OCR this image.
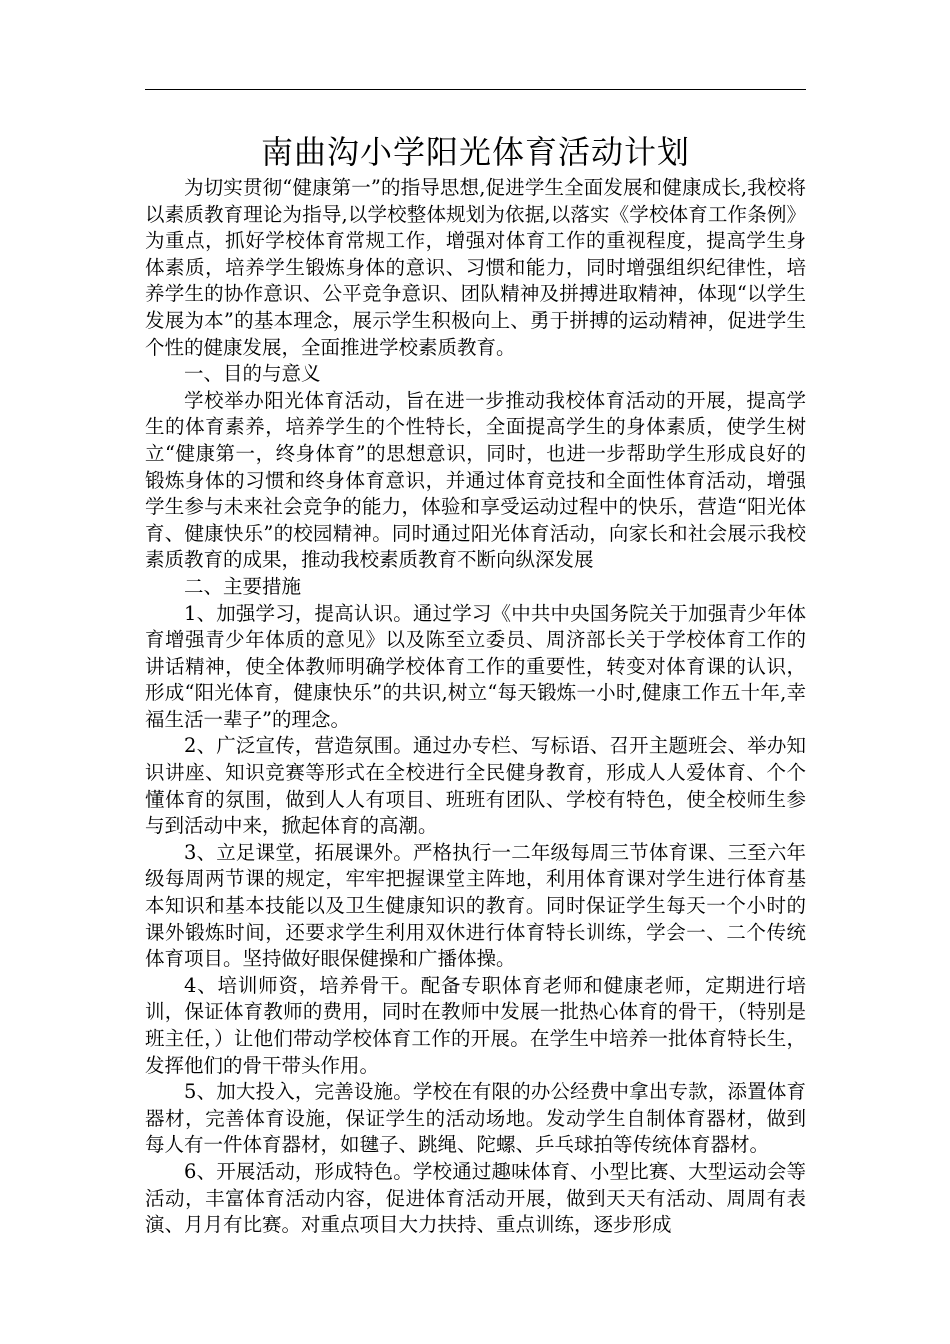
南曲沟小学阳光体育活动计划

为切实贯彻“健康第一”的指导思想,促进学生全面发展和健康成长,我校将以素质教育理论为指导,以学校整体规划为依据,以落实《学校体育工作条例》为重点，抓好学校体育常规工作，增强对体育工作的重视程度，提高学生身体素质，培养学生锻炼身体的意识、习惯和能力，同时增强组织纪律性，培养学生的协作意识、公平竞争意识、团队精神及拼搏进取精神，体现“以学生发展为本”的基本理念，展示学生积极向上、勇于拼搏的运动精神，促进学生个性的健康发展，全面推进学校素质教育。

一、目的与意义

学校举办阳光体育活动，旨在进一步推动我校体育活动的开展，提高学生的体育素养，培养学生的个性特长，全面提高学生的身体素质，使学生树立“健康第一，终身体育”的思想意识，同时，也进一步帮助学生形成良好的锻炼身体的习惯和终身体育意识，并通过体育竞技和全面性体育活动，增强学生参与未来社会竞争的能力，体验和享受运动过程中的快乐，营造“阳光体育、健康快乐”的校园精神。同时通过阳光体育活动，向家长和社会展示我校素质教育的成果，推动我校素质教育不断向纵深发展

二、主要措施

1、加强学习，提高认识。通过学习《中共中央国务院关于加强青少年体育增强青少年体质的意见》以及陈至立委员、周济部长关于学校体育工作的讲话精神，使全体教师明确学校体育工作的重要性，转变对体育课的认识，形成“阳光体育，健康快乐”的共识,树立“每天锻炼一小时,健康工作五十年,幸福生活一辈子”的理念。

2、广泛宣传，营造氛围。通过办专栏、写标语、召开主题班会、举办知识讲座、知识竞赛等形式在全校进行全民健身教育，形成人人爱体育、个个懂体育的氛围，做到人人有项目、班班有团队、学校有特色，使全校师生参与到活动中来，掀起体育的高潮。

3、立足课堂，拓展课外。严格执行一二年级每周三节体育课、三至六年级每周两节课的规定，牢牢把握课堂主阵地，利用体育课对学生进行体育基本知识和基本技能以及卫生健康知识的教育。同时保证学生每天一个小时的课外锻炼时间，还要求学生利用双休进行体育特长训练，学会一、二个传统体育项目。坚持做好眼保健操和广播体操。

4、培训师资，培养骨干。配备专职体育老师和健康老师，定期进行培训，保证体育教师的费用，同时在教师中发展一批热心体育的骨干，（特别是班主任，）让他们带动学校体育工作的开展。在学生中培养一批体育特长生，发挥他们的骨干带头作用。

5、加大投入，完善设施。学校在有限的办公经费中拿出专款，添置体育器材，完善体育设施，保证学生的活动场地。发动学生自制体育器材，做到每人有一件体育器材，如毽子、跳绳、陀螺、乒乓球拍等传统体育器材。

6、开展活动，形成特色。学校通过趣味体育、小型比赛、大型运动会等活动，丰富体育活动内容，促进体育活动开展，做到天天有活动、周周有表演、月月有比赛。对重点项目大力扶持、重点训练，逐步形成
